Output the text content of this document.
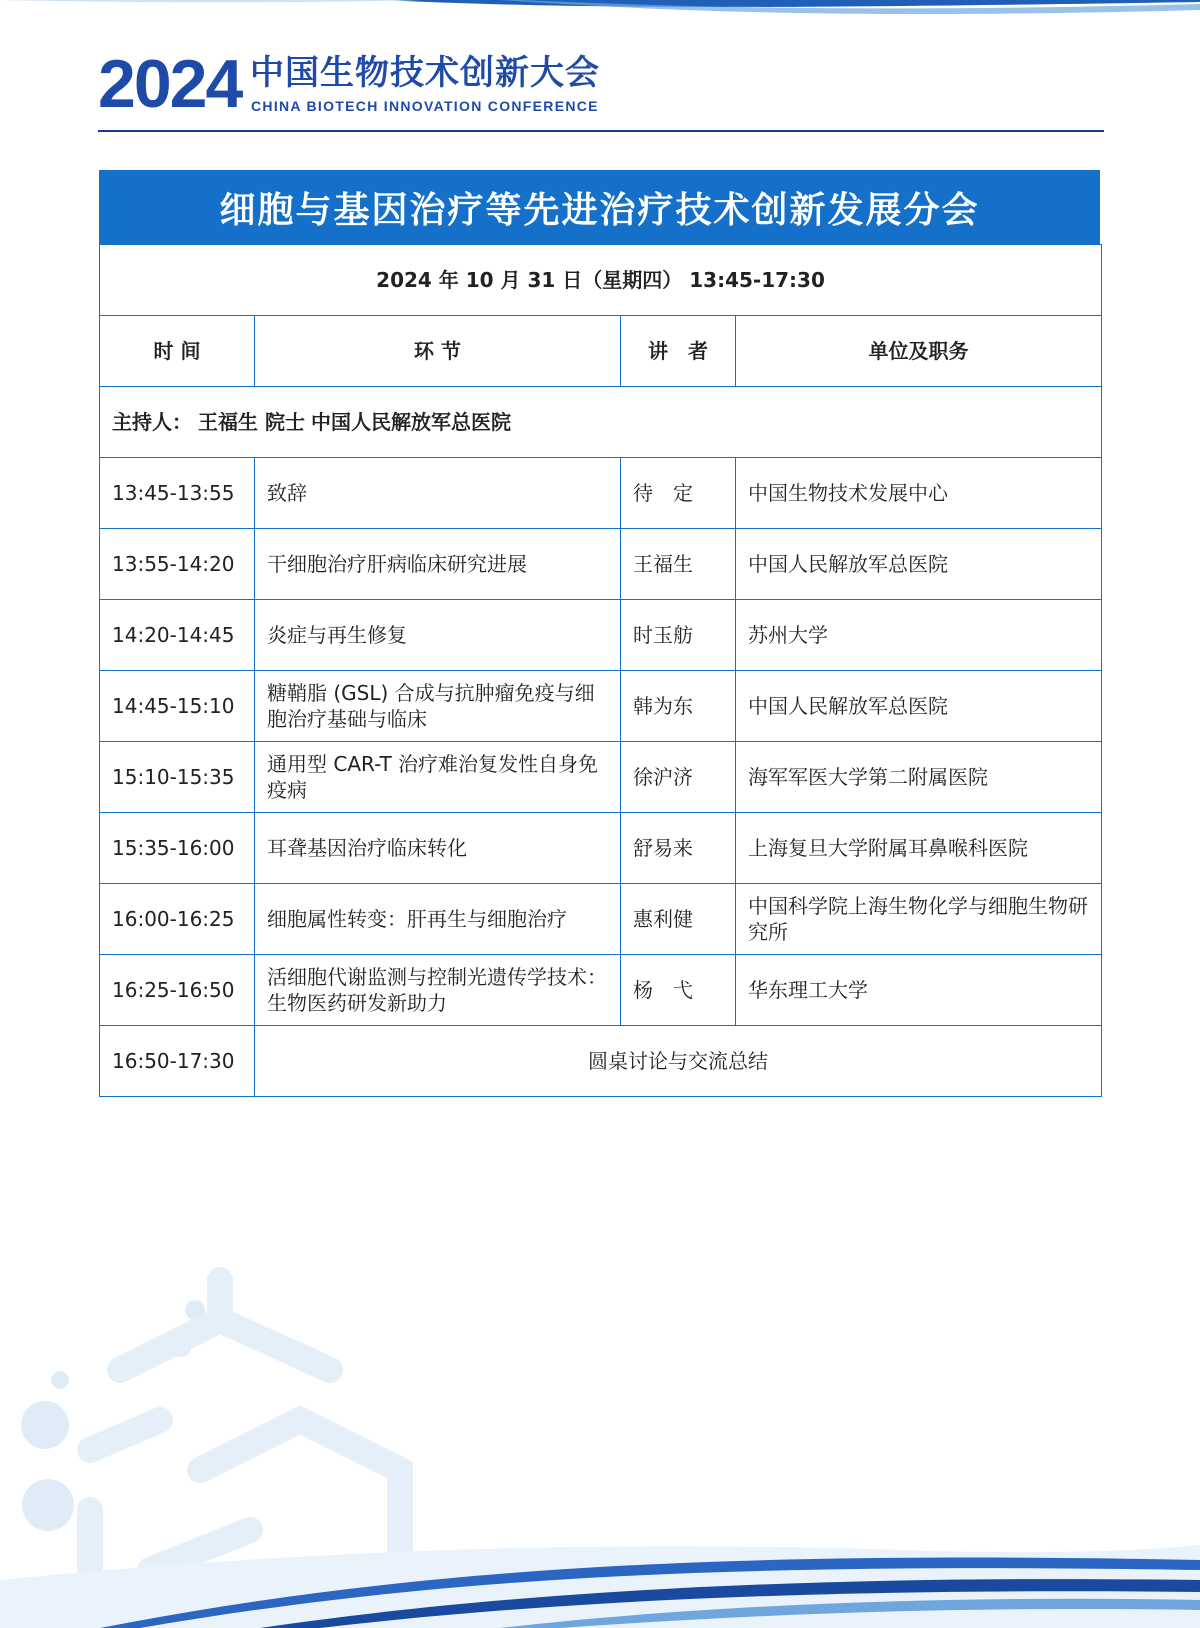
2024 中国生物技术创新大会
CHINA BIOTECH INNOVATION CONFERENCE
细胞与基因治疗等先进治疗技术创新发展分会
2024 年 10 月 31 日（星期四） 13:45-17:30			
时 间	环 节	讲　者	单位及职务
主持人： 王福生 院士 中国人民解放军总医院			
13:45-13:55	致辞	待　定	中国生物技术发展中心
13:55-14:20	干细胞治疗肝病临床研究进展	王福生	中国人民解放军总医院
14:20-14:45	炎症与再生修复	时玉舫	苏州大学
14:45-15:10	糖鞘脂 (GSL) 合成与抗肿瘤免疫与细胞治疗基础与临床	韩为东	中国人民解放军总医院
15:10-15:35	通用型 CAR-T 治疗难治复发性自身免疫病	徐沪济	海军军医大学第二附属医院
15:35-16:00	耳聋基因治疗临床转化	舒易来	上海复旦大学附属耳鼻喉科医院
16:00-16:25	细胞属性转变：肝再生与细胞治疗	惠利健	中国科学院上海生物化学与细胞生物研究所
16:25-16:50	活细胞代谢监测与控制光遗传学技术：生物医药研发新助力	杨　弋	华东理工大学
16:50-17:30	圆桌讨论与交流总结		
